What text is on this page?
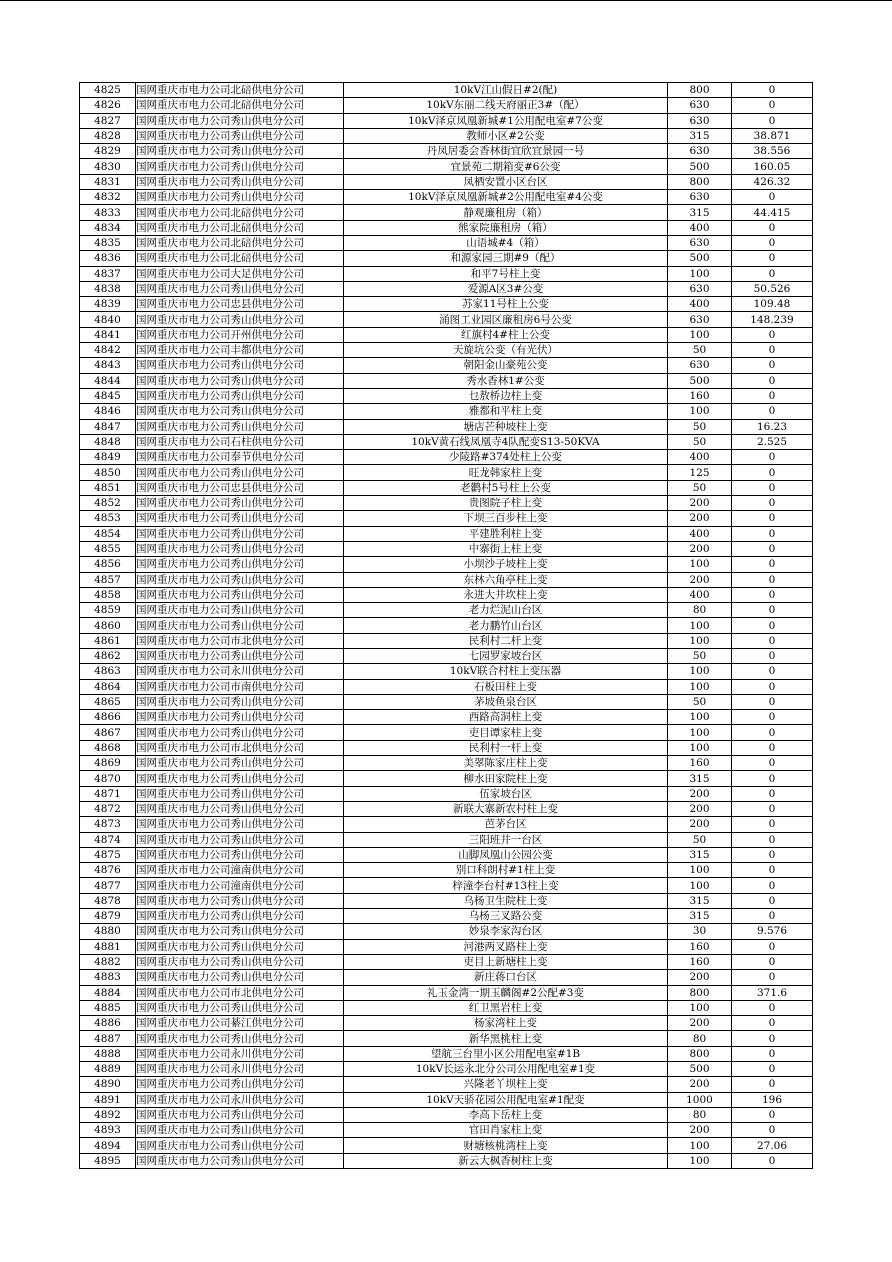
4825	国网重庆市电力公司北碚供电分公司	10kV江山假日#2(配)	800	0
4826	国网重庆市电力公司北碚供电分公司	10kV东丽二线天府丽正3#（配）	630	0
4827	国网重庆市电力公司秀山供电分公司	10kV泽京凤凰新城#1公用配电室#7公变	630	0
4828	国网重庆市电力公司秀山供电分公司	教师小区#2公变	315	38.871
4829	国网重庆市电力公司秀山供电分公司	丹凤居委会香林街宜欣宜景园一号	630	38.556
4830	国网重庆市电力公司秀山供电分公司	宜景苑二期箱变#6公变	500	160.05
4831	国网重庆市电力公司秀山供电分公司	凤栖安置小区台区	800	426.32
4832	国网重庆市电力公司秀山供电分公司	10kV泽京凤凰新城#2公用配电室#4公变	630	0
4833	国网重庆市电力公司北碚供电分公司	静观廉租房（箱）	315	44.415
4834	国网重庆市电力公司北碚供电分公司	熊家院廉租房（箱）	400	0
4835	国网重庆市电力公司北碚供电分公司	山语城#4（箱）	630	0
4836	国网重庆市电力公司北碚供电分公司	和源家园三期#9（配）	500	0
4837	国网重庆市电力公司大足供电分公司	和平7号柱上变	100	0
4838	国网重庆市电力公司秀山供电分公司	爱源A区3#公变	630	50.526
4839	国网重庆市电力公司忠县供电分公司	苏家11号柱上公变	400	109.48
4840	国网重庆市电力公司秀山供电分公司	涌图工业园区廉租房6号公变	630	148.239
4841	国网重庆市电力公司开州供电分公司	红旗村4#柱上公变	100	0
4842	国网重庆市电力公司丰都供电分公司	天旋坑公变（有光伏）	50	0
4843	国网重庆市电力公司秀山供电分公司	朝阳金山豪苑公变	630	0
4844	国网重庆市电力公司秀山供电分公司	秀水香林1#公变	500	0
4845	国网重庆市电力公司秀山供电分公司	乜敖桥边柱上变	160	0
4846	国网重庆市电力公司秀山供电分公司	雅都和平柱上变	100	0
4847	国网重庆市电力公司秀山供电分公司	塘店芒种坡柱上变	50	16.23
4848	国网重庆市电力公司石柱供电分公司	10kV黄石线凤凰寺4队配变S13-50KVA	50	2.525
4849	国网重庆市电力公司奉节供电分公司	少陵路#374处柱上公变	400	0
4850	国网重庆市电力公司秀山供电分公司	旺龙韩家柱上变	125	0
4851	国网重庆市电力公司忠县供电分公司	老鹳村5号柱上公变	50	0
4852	国网重庆市电力公司秀山供电分公司	贵图院子柱上变	200	0
4853	国网重庆市电力公司秀山供电分公司	下坝三百步柱上变	200	0
4854	国网重庆市电力公司秀山供电分公司	平建胜利柱上变	400	0
4855	国网重庆市电力公司秀山供电分公司	中寨街上柱上变	200	0
4856	国网重庆市电力公司秀山供电分公司	小坝沙子坡柱上变	100	0
4857	国网重庆市电力公司秀山供电分公司	东林六角亭柱上变	200	0
4858	国网重庆市电力公司秀山供电分公司	永进大井坎柱上变	400	0
4859	国网重庆市电力公司秀山供电分公司	老力烂泥山台区	80	0
4860	国网重庆市电力公司秀山供电分公司	老力鹏竹山台区	100	0
4861	国网重庆市电力公司市北供电分公司	民利村二杆上变	100	0
4862	国网重庆市电力公司秀山供电分公司	七园罗家坡台区	50	0
4863	国网重庆市电力公司永川供电分公司	10kV联合村柱上变压器	100	0
4864	国网重庆市电力公司市南供电分公司	石板田柱上变	100	0
4865	国网重庆市电力公司秀山供电分公司	茅坡鱼泉台区	50	0
4866	国网重庆市电力公司秀山供电分公司	西路高洞柱上变	100	0
4867	国网重庆市电力公司秀山供电分公司	吏目谭家柱上变	100	0
4868	国网重庆市电力公司市北供电分公司	民利村一杆上变	100	0
4869	国网重庆市电力公司秀山供电分公司	美翠陈家庄柱上变	160	0
4870	国网重庆市电力公司秀山供电分公司	柳水田家院柱上变	315	0
4871	国网重庆市电力公司秀山供电分公司	伍家坡台区	200	0
4872	国网重庆市电力公司秀山供电分公司	新联大寨新农村柱上变	200	0
4873	国网重庆市电力公司秀山供电分公司	芭茅台区	200	0
4874	国网重庆市电力公司秀山供电分公司	三阳班井一台区	50	0
4875	国网重庆市电力公司秀山供电分公司	山脚凤凰山公园公变	315	0
4876	国网重庆市电力公司潼南供电分公司	别口科朗村#1柱上变	100	0
4877	国网重庆市电力公司潼南供电分公司	梓潼李台村#13柱上变	100	0
4878	国网重庆市电力公司秀山供电分公司	乌杨卫生院柱上变	315	0
4879	国网重庆市电力公司秀山供电分公司	乌杨三叉路公变	315	0
4880	国网重庆市电力公司秀山供电分公司	妙泉李家沟台区	30	9.576
4881	国网重庆市电力公司秀山供电分公司	河港两叉路柱上变	160	0
4882	国网重庆市电力公司秀山供电分公司	吏目上新塘柱上变	160	0
4883	国网重庆市电力公司秀山供电分公司	新庄蒋口台区	200	0
4884	国网重庆市电力公司市北供电分公司	礼玉金湾一期玉麟阁#2公配#3变	800	371.6
4885	国网重庆市电力公司秀山供电分公司	红卫黑岩柱上变	100	0
4886	国网重庆市电力公司綦江供电分公司	杨家湾柱上变	200	0
4887	国网重庆市电力公司秀山供电分公司	新华黑桃柱上变	80	0
4888	国网重庆市电力公司永川供电分公司	望航三台里小区公用配电室#1B	800	0
4889	国网重庆市电力公司永川供电分公司	10kV长运永北分公司公用配电室#1变	500	0
4890	国网重庆市电力公司秀山供电分公司	兴隆老丫坝柱上变	200	0
4891	国网重庆市电力公司永川供电分公司	10kV天骄花园公用配电室#1配变	1000	196
4892	国网重庆市电力公司秀山供电分公司	李高下岳柱上变	80	0
4893	国网重庆市电力公司秀山供电分公司	官田肖家柱上变	200	0
4894	国网重庆市电力公司秀山供电分公司	财塘核桃湾柱上变	100	27.06
4895	国网重庆市电力公司秀山供电分公司	新云大枫香树柱上变	100	0
